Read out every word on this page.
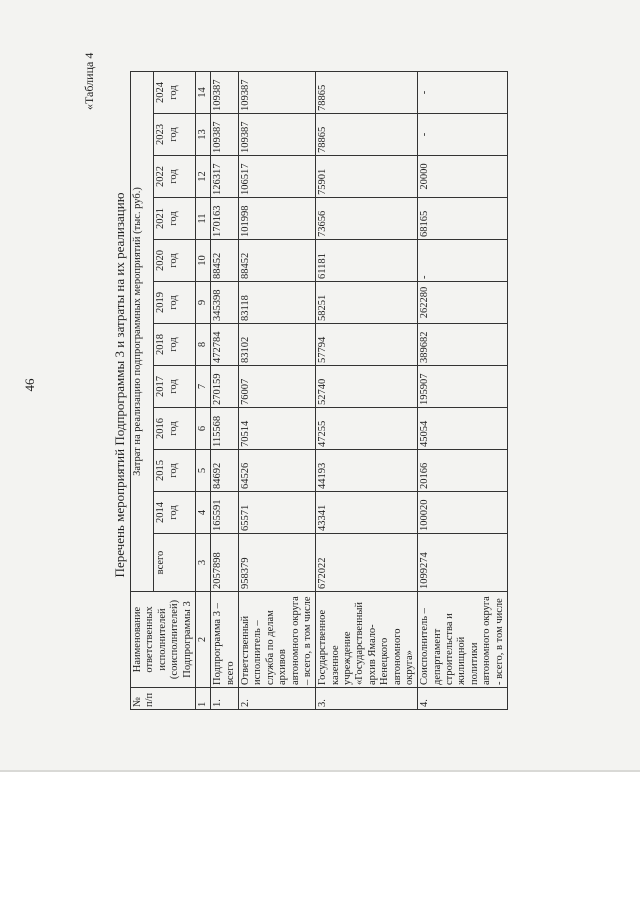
46
«Таблица 4
Перечень мероприятий Подпрограммы 3 и затраты на их реализацию
№ п/п	Наименование ответственных исполнителей (соисполнителей) Подпрограммы 3	Затрат на реализацию подпрограммных мероприятий (тыс. руб.)											
		всего	2014 год	2015 год	2016 год	2017 год	2018 год	2019 год	2020 год	2021 год	2022 год	2023 год	2024 год
1	2	3	4	5	6	7	8	9	10	11	12	13	14
1.	Подпрограмма 3 – всего	2057898	165591	84692	115568	270159	472784	345398	88452	170163	126317	109387	109387
2.	Ответственный исполнитель – служба по делам архивов автономного округа – всего, в том числе	958379	65571	64526	70514	76007	83102	83118	88452	101998	106517	109387	109387
3.	Государственное казенное учреждение «Государственный архив Ямало-Ненецкого автономного округа»	672022	43341	44193	47255	52740	57794	58251	61181	73656	75901	78865	78865
4.	Соисполнитель – департамент строительства и жилищной политики автономного округа - всего, в том числе	1099274	100020	20166	45054	195907	389682	262280	-	68165	20000	-	-
